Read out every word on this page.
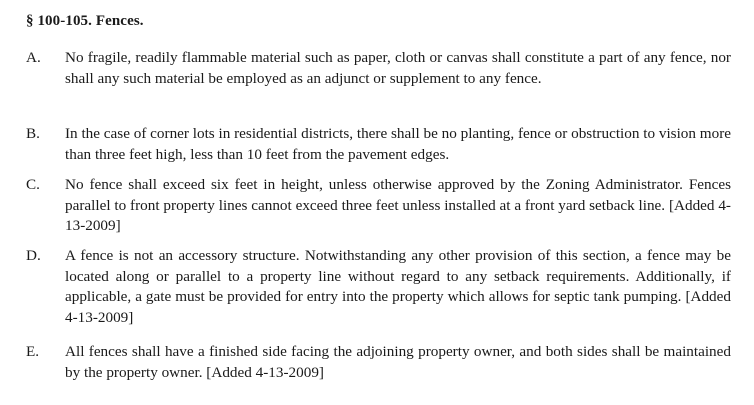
§ 100-105. Fences.
A. No fragile, readily flammable material such as paper, cloth or canvas shall constitute a part of any fence, nor shall any such material be employed as an adjunct or supplement to any fence.
B. In the case of corner lots in residential districts, there shall be no planting, fence or obstruction to vision more than three feet high, less than 10 feet from the pavement edges.
C. No fence shall exceed six feet in height, unless otherwise approved by the Zoning Administrator. Fences parallel to front property lines cannot exceed three feet unless installed at a front yard setback line. [Added 4-13-2009]
D. A fence is not an accessory structure. Notwithstanding any other provision of this section, a fence may be located along or parallel to a property line without regard to any setback requirements. Additionally, if applicable, a gate must be provided for entry into the property which allows for septic tank pumping. [Added 4-13-2009]
E. All fences shall have a finished side facing the adjoining property owner, and both sides shall be maintained by the property owner. [Added 4-13-2009]
